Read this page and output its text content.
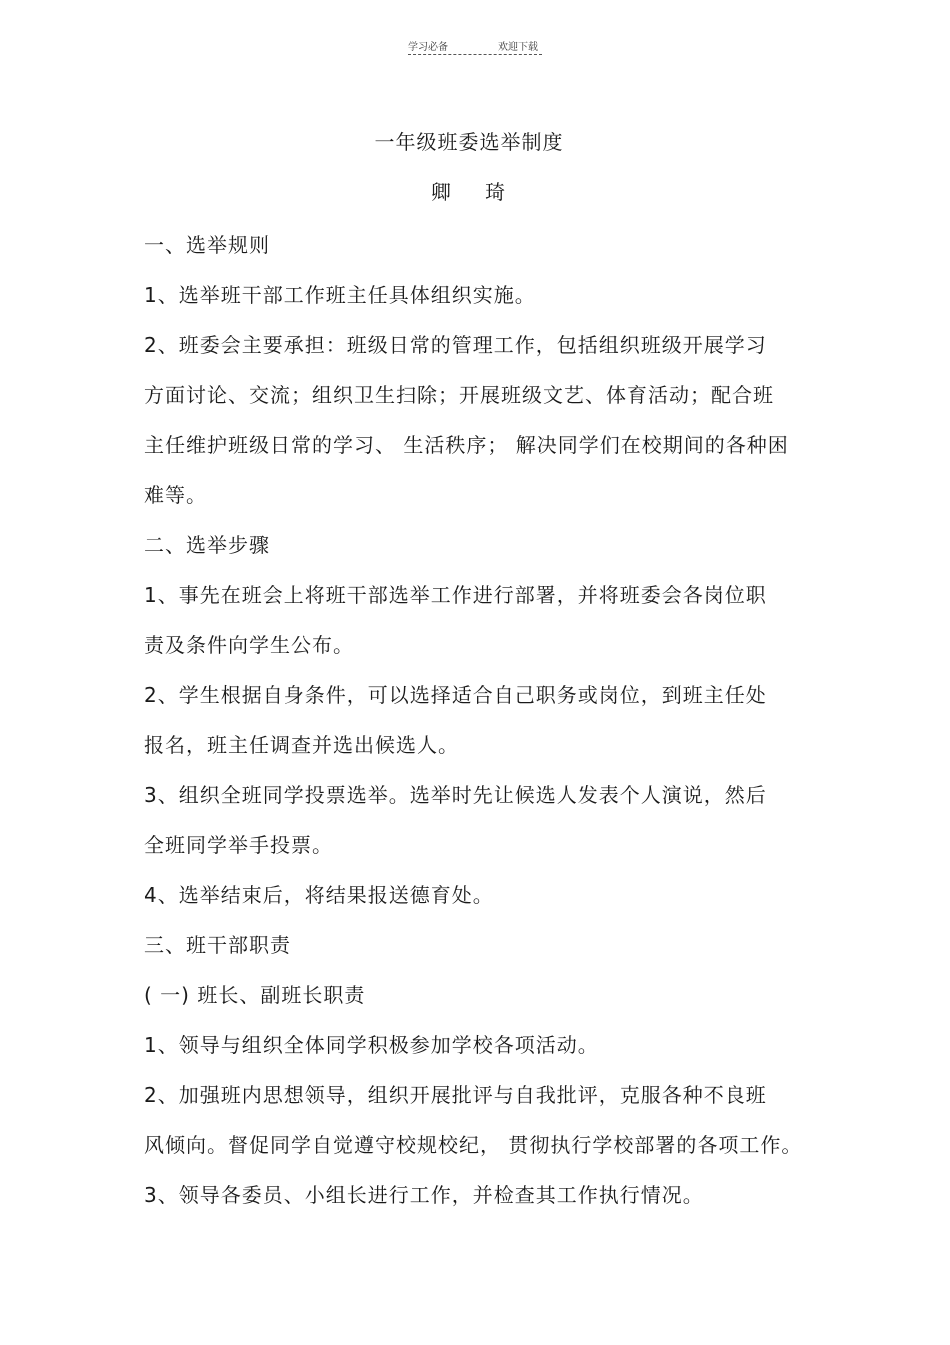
学习必备	欢迎下载
一年级班委选举制度
卿 琦
一、选举规则
1、选举班干部工作班主任具体组织实施。
2、班委会主要承担：班级日常的管理工作，包括组织班级开展学习
方面讨论、交流；组织卫生扫除；开展班级文艺、体育活动；配合班
主任维护班级日常的学习、 生活秩序； 解决同学们在校期间的各种困
难等。
二、选举步骤
1、事先在班会上将班干部选举工作进行部署，并将班委会各岗位职
责及条件向学生公布。
2、学生根据自身条件，可以选择适合自己职务或岗位，到班主任处
报名，班主任调查并选出候选人。
3、组织全班同学投票选举。选举时先让候选人发表个人演说，然后
全班同学举手投票。
4、选举结束后，将结果报送德育处。
三、班干部职责
( 一) 班长、副班长职责
1、领导与组织全体同学积极参加学校各项活动。
2、加强班内思想领导，组织开展批评与自我批评，克服各种不良班
风倾向。督促同学自觉遵守校规校纪， 贯彻执行学校部署的各项工作。
3、领导各委员、小组长进行工作，并检查其工作执行情况。
